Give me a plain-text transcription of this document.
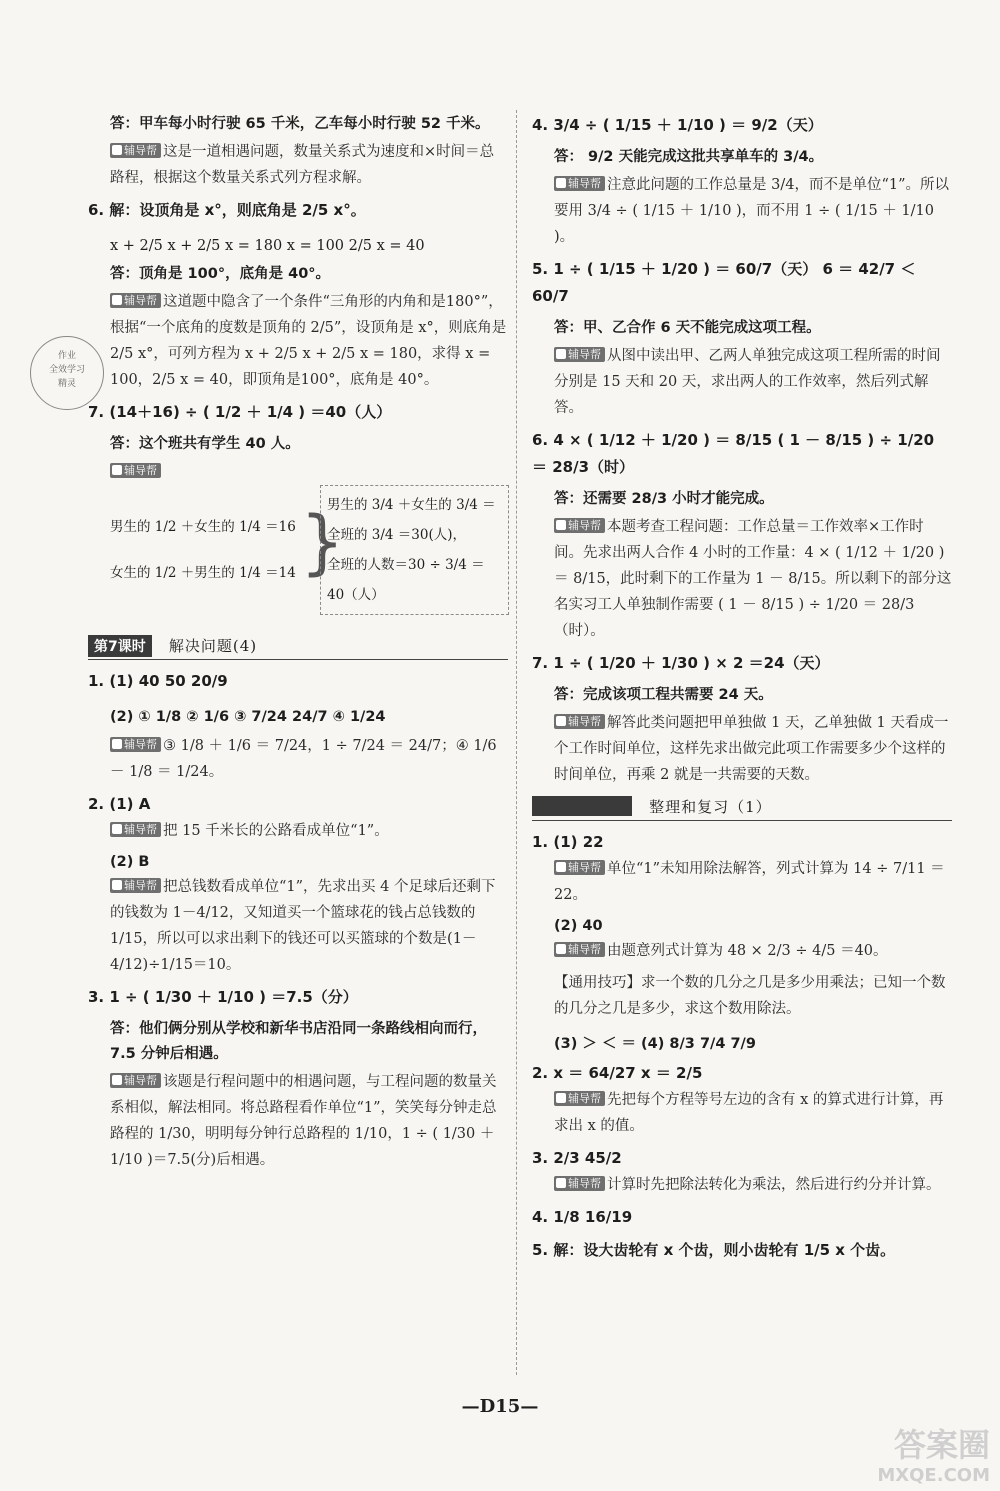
作业
全效学习
精灵
答：甲车每小时行驶 65 千米，乙车每小时行驶 52 千米。
辅导帮 这是一道相遇问题，数量关系式为速度和×时间＝总路程，根据这个数量关系式列方程求解。
6. 解：设顶角是 x°，则底角是 2/5 x°。
x + 2/5 x + 2/5 x = 180 x = 100 2/5 x = 40
答：顶角是 100°，底角是 40°。
辅导帮 这道题中隐含了一个条件“三角形的内角和是180°”，根据“一个底角的度数是顶角的 2/5”，设顶角是 x°，则底角是 2/5 x°，可列方程为 x + 2/5 x + 2/5 x = 180，求得 x = 100，2/5 x = 40，即顶角是100°，底角是 40°。
7. (14＋16) ÷ ( 1/2 ＋ 1/4 ) ＝40（人）
答：这个班共有学生 40 人。
辅导帮
男生的 1/2 ＋女生的 1/4 ＝16
女生的 1/2 ＋男生的 1/4 ＝14 }
男生的 3/4 ＋女生的 3/4 ＝
全班的 3/4 ＝30(人)，
全班的人数＝30 ÷ 3/4 ＝
40（人）
第7课时 解决问题(4)
1. (1) 40 50 20/9
(2) ① 1/8 ② 1/6 ③ 7/24 24/7 ④ 1/24
辅导帮 ③ 1/8 ＋ 1/6 ＝ 7/24，1 ÷ 7/24 ＝ 24/7；④ 1/6 － 1/8 ＝ 1/24。
2. (1) A
辅导帮 把 15 千米长的公路看成单位“1”。
(2) B
辅导帮 把总钱数看成单位“1”，先求出买 4 个足球后还剩下的钱数为 1－4/12，又知道买一个篮球花的钱占总钱数的 1/15，所以可以求出剩下的钱还可以买篮球的个数是(1－4/12)÷1/15＝10。
3. 1 ÷ ( 1/30 ＋ 1/10 ) ＝7.5（分）
答：他们俩分别从学校和新华书店沿同一条路线相向而行，7.5 分钟后相遇。
辅导帮 该题是行程问题中的相遇问题，与工程问题的数量关系相似，解法相同。将总路程看作单位“1”，笑笑每分钟走总路程的 1/30，明明每分钟行总路程的 1/10，1 ÷ ( 1/30 ＋ 1/10 )＝7.5(分)后相遇。
4. 3/4 ÷ ( 1/15 ＋ 1/10 ) ＝ 9/2（天）
答： 9/2 天能完成这批共享单车的 3/4。
辅导帮 注意此问题的工作总量是 3/4，而不是单位“1”。所以要用 3/4 ÷ ( 1/15 ＋ 1/10 )，而不用 1 ÷ ( 1/15 ＋ 1/10 )。
5. 1 ÷ ( 1/15 ＋ 1/20 ) ＝ 60/7（天） 6 ＝ 42/7 ＜ 60/7
答：甲、乙合作 6 天不能完成这项工程。
辅导帮 从图中读出甲、乙两人单独完成这项工程所需的时间分别是 15 天和 20 天，求出两人的工作效率，然后列式解答。
6. 4 × ( 1/12 ＋ 1/20 ) ＝ 8/15 ( 1 － 8/15 ) ÷ 1/20 ＝ 28/3（时）
答：还需要 28/3 小时才能完成。
辅导帮 本题考查工程问题：工作总量＝工作效率×工作时间。先求出两人合作 4 小时的工作量：4 × ( 1/12 ＋ 1/20 )＝ 8/15，此时剩下的工作量为 1 － 8/15。所以剩下的部分这名实习工人单独制作需要 ( 1 － 8/15 ) ÷ 1/20 ＝ 28/3（时）。
7. 1 ÷ ( 1/20 ＋ 1/30 ) × 2 ＝24（天）
答：完成该项工程共需要 24 天。
辅导帮 解答此类问题把甲单独做 1 天，乙单独做 1 天看成一个工作时间单位，这样先求出做完此项工作需要多少个这样的时间单位，再乘 2 就是一共需要的天数。
整理和复习（1）
1. (1) 22
辅导帮 单位“1”未知用除法解答，列式计算为 14 ÷ 7/11 ＝22。
(2) 40
辅导帮 由题意列式计算为 48 × 2/3 ÷ 4/5 ＝40。
【通用技巧】求一个数的几分之几是多少用乘法；已知一个数的几分之几是多少，求这个数用除法。
(3) ＞ ＜ ＝ (4) 8/3 7/4 7/9
2. x ＝ 64/27 x ＝ 2/5
辅导帮 先把每个方程等号左边的含有 x 的算式进行计算，再求出 x 的值。
3. 2/3 45/2
辅导帮 计算时先把除法转化为乘法，然后进行约分并计算。
4. 1/8 16/19
5. 解：设大齿轮有 x 个齿，则小齿轮有 1/5 x 个齿。
—D15—
答案圈
MXQE.COM
